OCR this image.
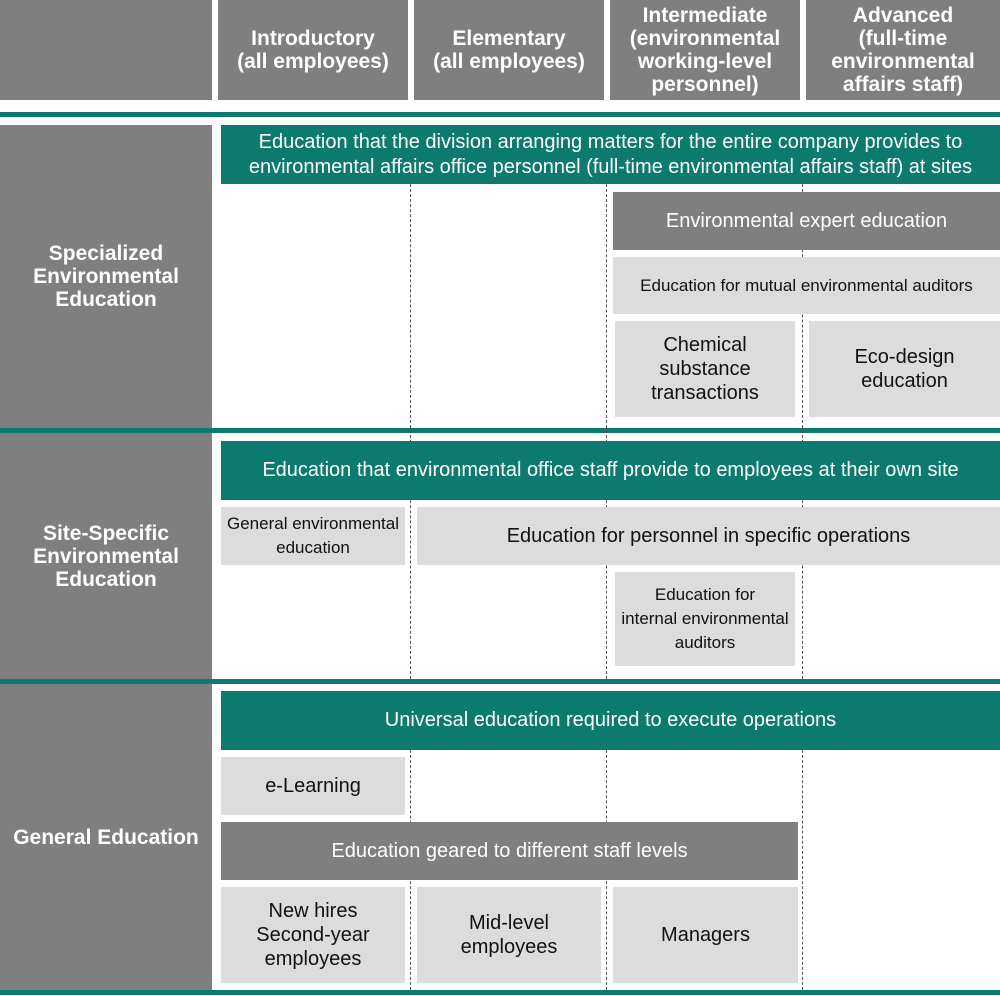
Introductory
(all employees)
Elementary
(all employees)
Intermediate
(environmental
working-level
personnel)
Advanced
(full-time
environmental
affairs staff)
Specialized
Environmental
Education
Education that the division arranging matters for the entire company provides to
environmental affairs office personnel (full-time environmental affairs staff) at sites
Environmental expert education
Education for mutual environmental auditors
Chemical
substance
transactions
Eco-design
education
Site-Specific
Environmental
Education
Education that environmental office staff provide to employees at their own site
General environmental
education
Education for personnel in specific operations
Education for
internal environmental
auditors
General Education
Universal education required to execute operations
e-Learning
Education geared to different staff levels
New hires
Second-year
employees
Mid-level
employees
Managers
